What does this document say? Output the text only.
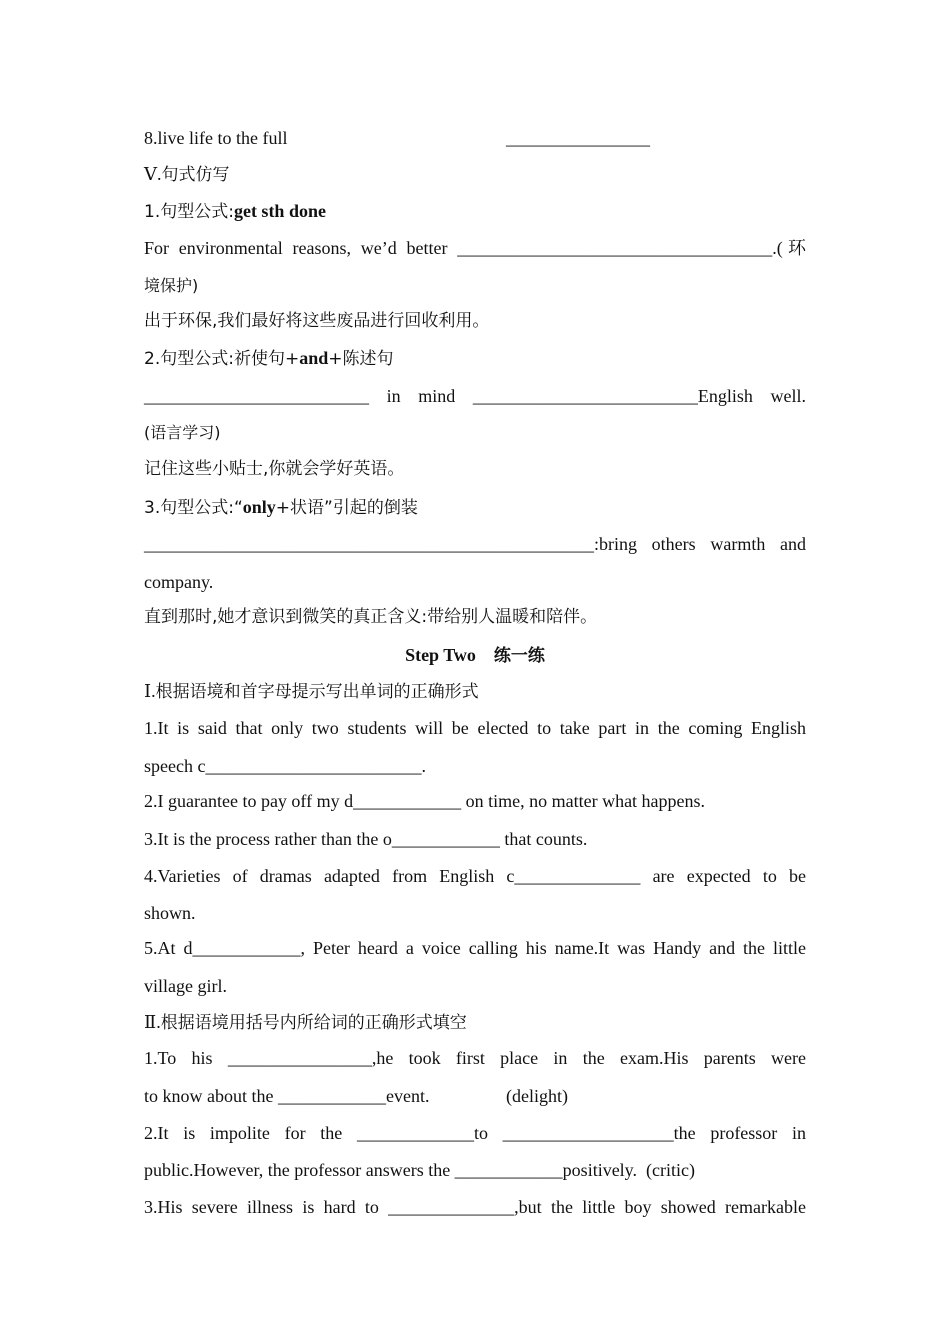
8.live life to the full	________________
Ⅴ.句式仿写
1.句型公式:get sth done
For environmental reasons, we’d better ___________________________________.(环
境保护)
出于环保,我们最好将这些废品进行回收利用。
2.句型公式:祈使句+and+陈述句
_________________________ in mind _________________________English well.
(语言学习)
记住这些小贴士,你就会学好英语。
3.句型公式:“only+状语”引起的倒装
__________________________________________________:bring others warmth and
company.
直到那时,她才意识到微笑的真正含义:带给别人温暖和陪伴。
Step Two 练一练
Ⅰ.根据语境和首字母提示写出单词的正确形式
1.It is said that only two students will be elected to take part in the coming English
speech c________________________.
2.I guarantee to pay off my d____________ on time, no matter what happens.
3.It is the process rather than the o____________ that counts.
4.Varieties of dramas adapted from English c______________ are expected to be
shown.
5.At d____________, Peter heard a voice calling his name.It was Handy and the little
village girl.
Ⅱ.根据语境用括号内所给词的正确形式填空
1.To his ________________,he took first place in the exam.His parents were
to know about the ____________event.	(delight)
2.It is impolite for the _____________to ___________________the professor in
public.However, the professor answers the ____________positively. (critic)
3.His severe illness is hard to ______________,but the little boy showed remarkable
